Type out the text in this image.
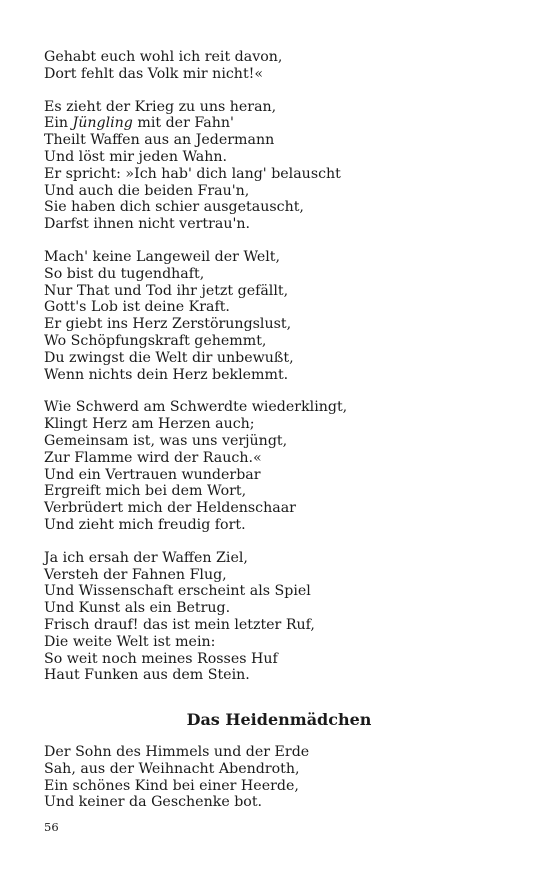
Gehabt euch wohl ich reit davon,
Dort fehlt das Volk mir nicht!«
Es zieht der Krieg zu uns heran,
Ein Jüngling mit der Fahn'
Theilt Waffen aus an Jedermann
Und löst mir jeden Wahn.
Er spricht: »Ich hab' dich lang' belauscht
Und auch die beiden Frau'n,
Sie haben dich schier ausgetauscht,
Darfst ihnen nicht vertrau'n.
Mach' keine Langeweil der Welt,
So bist du tugendhaft,
Nur That und Tod ihr jetzt gefällt,
Gott's Lob ist deine Kraft.
Er giebt ins Herz Zerstörungslust,
Wo Schöpfungskraft gehemmt,
Du zwingst die Welt dir unbewußt,
Wenn nichts dein Herz beklemmt.
Wie Schwerd am Schwerdte wiederklingt,
Klingt Herz am Herzen auch;
Gemeinsam ist, was uns verjüngt,
Zur Flamme wird der Rauch.«
Und ein Vertrauen wunderbar
Ergreift mich bei dem Wort,
Verbrüdert mich der Heldenschaar
Und zieht mich freudig fort.
Ja ich ersah der Waffen Ziel,
Versteh der Fahnen Flug,
Und Wissenschaft erscheint als Spiel
Und Kunst als ein Betrug.
Frisch drauf! das ist mein letzter Ruf,
Die weite Welt ist mein:
So weit noch meines Rosses Huf
Haut Funken aus dem Stein.
Das Heidenmädchen
Der Sohn des Himmels und der Erde
Sah, aus der Weihnacht Abendroth,
Ein schönes Kind bei einer Heerde,
Und keiner da Geschenke bot.
56
